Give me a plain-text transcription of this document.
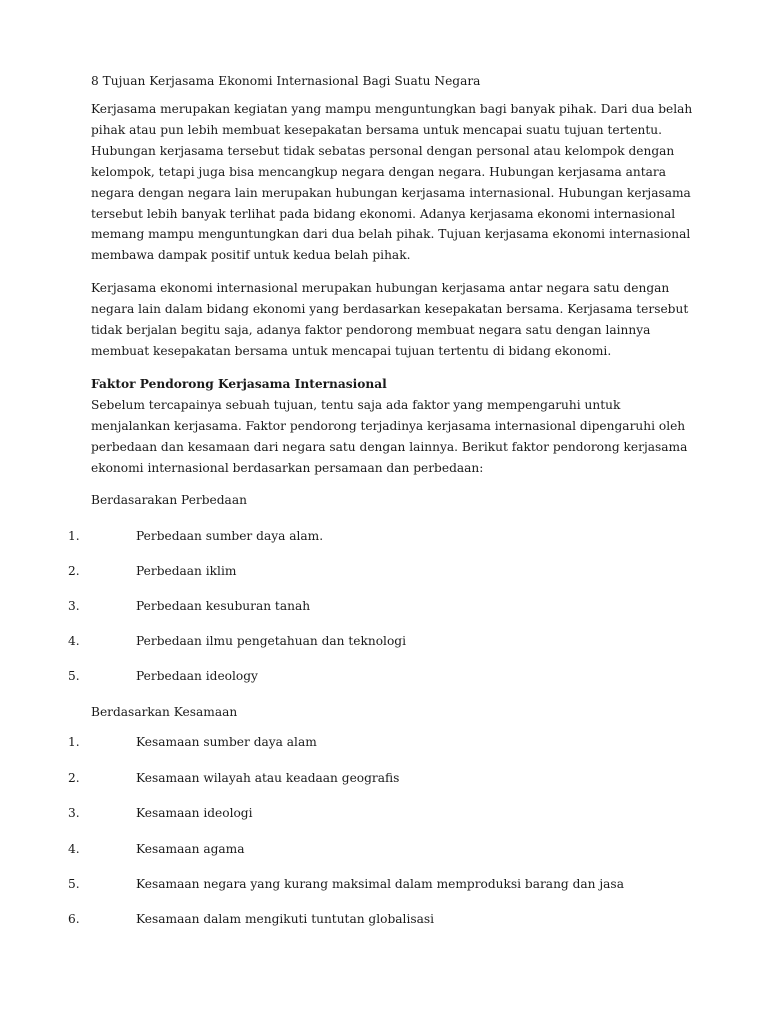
8 Tujuan Kerjasama Ekonomi Internasional Bagi Suatu Negara
Kerjasama merupakan kegiatan yang mampu menguntungkan bagi banyak pihak. Dari dua belah
pihak atau pun lebih membuat kesepakatan bersama untuk mencapai suatu tujuan tertentu.
Hubungan kerjasama tersebut tidak sebatas personal dengan personal atau kelompok dengan
kelompok, tetapi juga bisa mencangkup negara dengan negara. Hubungan kerjasama antara
negara dengan negara lain merupakan hubungan kerjasama internasional. Hubungan kerjasama
tersebut lebih banyak terlihat pada bidang ekonomi. Adanya kerjasama ekonomi internasional
memang mampu menguntungkan dari dua belah pihak. Tujuan kerjasama ekonomi internasional
membawa dampak positif untuk kedua belah pihak.
Kerjasama ekonomi internasional merupakan hubungan kerjasama antar negara satu dengan
negara lain dalam bidang ekonomi yang berdasarkan kesepakatan bersama. Kerjasama tersebut
tidak berjalan begitu saja, adanya faktor pendorong membuat negara satu dengan lainnya
membuat kesepakatan bersama untuk mencapai tujuan tertentu di bidang ekonomi.
Faktor Pendorong Kerjasama Internasional
Sebelum tercapainya sebuah tujuan, tentu saja ada faktor yang mempengaruhi untuk
menjalankan kerjasama. Faktor pendorong terjadinya kerjasama internasional dipengaruhi oleh
perbedaan dan kesamaan dari negara satu dengan lainnya. Berikut faktor pendorong kerjasama
ekonomi internasional berdasarkan persamaan dan perbedaan:
Berdasarakan Perbedaan
1.	Perbedaan sumber daya alam.
2.	Perbedaan iklim
3.	Perbedaan kesuburan tanah
4.	Perbedaan ilmu pengetahuan dan teknologi
5.	Perbedaan ideology
Berdasarkan Kesamaan
1.	Kesamaan sumber daya alam
2.	Kesamaan wilayah atau keadaan geografis
3.	Kesamaan ideologi
4.	Kesamaan agama
5.	Kesamaan negara yang kurang maksimal dalam memproduksi barang dan jasa
6.	Kesamaan dalam mengikuti tuntutan globalisasi
